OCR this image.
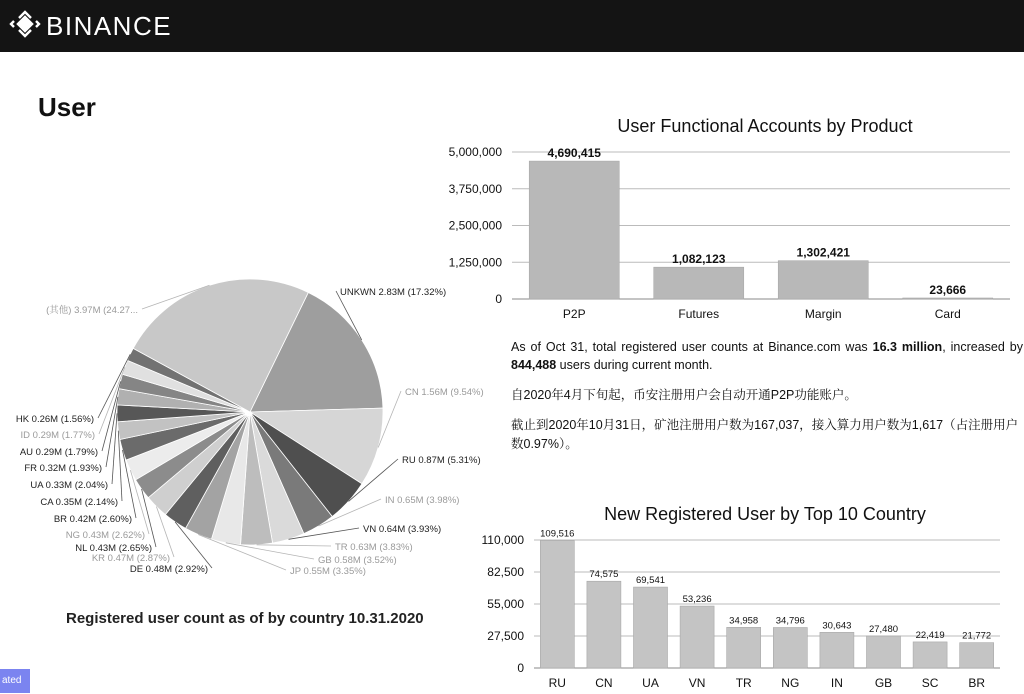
BINANCE
User
UNKWN 2.83M (17.32%)
CN 1.56M (9.54%)
RU 0.87M (5.31%)
IN 0.65M (3.98%)
VN 0.64M (3.93%)
TR 0.63M (3.83%)
GB 0.58M (3.52%)
JP 0.55M (3.35%)
DE 0.48M (2.92%)
KR 0.47M (2.87%)
NL 0.43M (2.65%)
NG 0.43M (2.62%)
BR 0.42M (2.60%)
CA 0.35M (2.14%)
UA 0.33M (2.04%)
FR 0.32M (1.93%)
AU 0.29M (1.79%)
ID 0.29M (1.77%)
HK 0.26M (1.56%)
(其他) 3.97M (24.27...
Registered user count as of by country 10.31.2020
User Functional Accounts by Product
0
1,250,000
2,500,000
3,750,000
5,000,000	4,690,415
P2P
1,082,123
Futures
1,302,421
Margin
23,666
Card

As of Oct 31, total registered user counts at Binance.com was 16.3 million, increased by 844,488 users during current month.

自2020年4月下旬起，币安注册用户会自动开通P2P功能账户。

截止到2020年10月31日，矿池注册用户数为167,037，接入算力用户数为1,617（占注册用户数0.97%）。

New Registered User by Top 10 Country
0
27,500
55,000
82,500
110,000 109,516
RU
74,575
CN
69,541
UA
53,236
VN
34,958
TR
34,796
NG
30,643
IN
27,480
GB
22,419
SC
21,772
BR
ated
